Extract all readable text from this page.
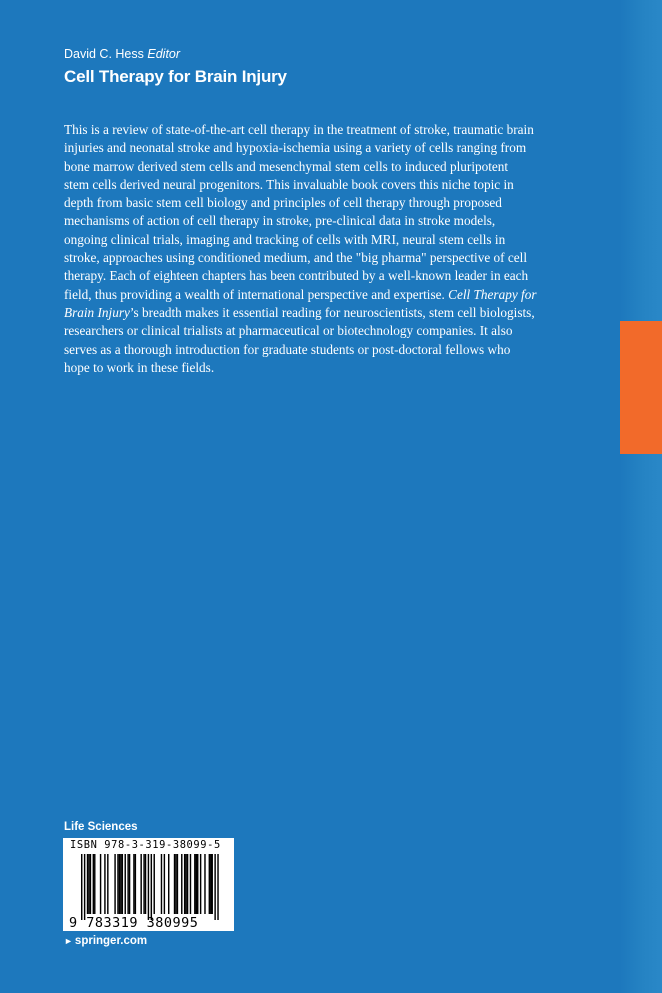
David C. Hess Editor

Cell Therapy for Brain Injury
This is a review of state-of-the-art cell therapy in the treatment of stroke, traumatic brain
injuries and neonatal stroke and hypoxia-ischemia using a variety of cells ranging from
bone marrow derived stem cells and mesenchymal stem cells to induced pluripotent
stem cells derived neural progenitors. This invaluable book covers this niche topic in
depth from basic stem cell biology and principles of cell therapy through proposed
mechanisms of action of cell therapy in stroke, pre-clinical data in stroke models,
ongoing clinical trials, imaging and tracking of cells with MRI, neural stem cells in
stroke, approaches using conditioned medium, and the "big pharma" perspective of cell
therapy. Each of eighteen chapters has been contributed by a well-known leader in each
field, thus providing a wealth of international perspective and expertise. Cell Therapy for
Brain Injury’s breadth makes it essential reading for neuroscientists, stem cell biologists,
researchers or clinical trialists at pharmaceutical or biotechnology companies. It also
serves as a thorough introduction for graduate students or post-doctoral fellows who
hope to work in these fields.

Life Sciences

ISBN 978-3-319-38099-5

9 783319 380995

► springer.com
